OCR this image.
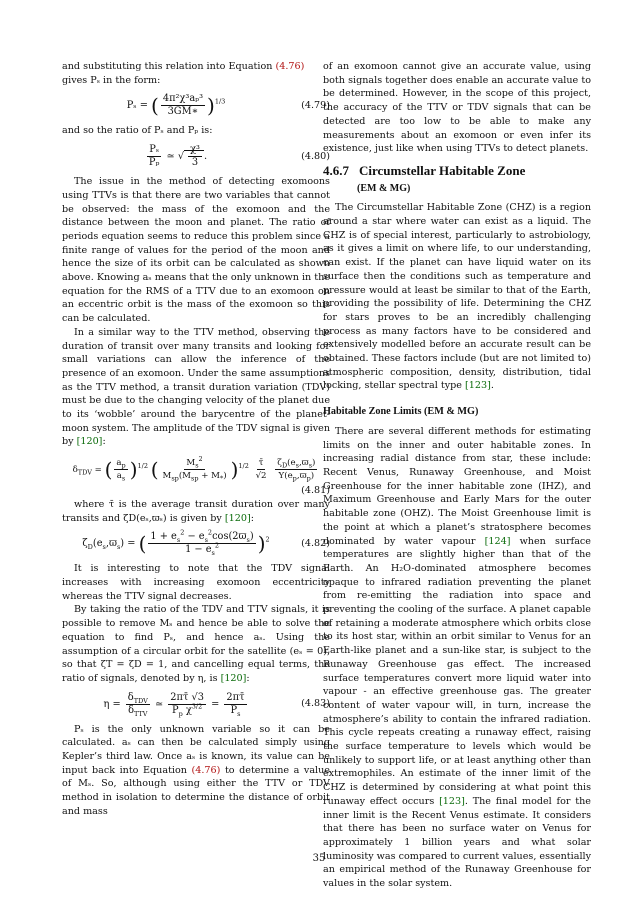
and substituting this relation into Equation (4.76)
gives Pₛ in the form:

Pₛ = ( $\frac{\text{4π²χ³aₚ³}}{3GM∗} )^{1/3}$	(4.79)

and so the ratio of Pₛ and Pₚ is:

$\frac{\text{Pₛ}}{\text{Pₚ}}$ ≃ √ $\frac{\text{χ³}}{3}$ .	(4.80)

The issue in the method of detecting exomoons using TTVs is that there are two variables that cannot be observed: the mass of the exomoon and the distance between the moon and planet. The ratio of periods equation seems to reduce this problem since a finite range of values for the period of the moon and hence the size of its orbit can be calculated as shown above. Knowing aₛ means that the only unknown in the equation for the RMS of a TTV due to an exomoon on an eccentric orbit is the mass of the exomoon so this can be calculated.

In a similar way to the TTV method, observing the duration of transit over many transits and looking for small variations can allow the inference of the presence of an exomoon. Under the same assumptions as the TTV method, a transit duration variation (TDV) must be due to the changing velocity of the planet due to its ‘wobble’ around the barycentre of the planet-moon system. The amplitude of the TDV signal is given by [120]:

$\delta_{TDV}$ = ( $\frac{a_p}{a_s} )^{1/2}$ ( $\frac{M_s^2}{M_{sp}(M_{sp} + M_*)} )^{1/2} \frac{\taū}{√2}$
$\frac{\zeta_D(e_s,ϖ_s)}{\Upsilon(e_p,ϖ_p)}$
(4.81)

where τ̄ is the average transit duration over many transits and ζD(eₛ,ϖₛ) is given by [120]:

$\zeta_D(e_s,ϖ_s)$ = ( $\frac{1 + e_s^2 - e_s^2\cos(2ϖ_s)}{1 - e_s^2} )^2$	(4.82)

It is interesting to note that the TDV signal increases with increasing exomoon eccentricity whereas the TTV signal decreases.

By taking the ratio of the TDV and TTV signals, it is possible to remove Mₛ and hence be able to solve the equation to find Pₛ, and hence aₛ. Using the assumption of a circular orbit for the satellite (eₛ = 0), so that ζT = ζD = 1, and cancelling equal terms, the ratio of signals, denoted by η, is [120]:

$\eta = \frac{\delta_{TDV}}{\delta_{TTV}}$ ≃ $\frac{2\pi\taū √3}{P_p \chi^{3/2}} = \frac{2\pi\taū}{P_s}$	(4.83)

Pₛ is the only unknown variable so it can be calculated. aₛ can then be calculated simply using Kepler’s third law. Once aₛ is known, its value can be input back into Equation (4.76) to determine a value of Mₛ. So, although using either the TTV or TDV method in isolation to determine the distance of orbit and mass

of an exomoon cannot give an accurate value, using both signals together does enable an accurate value to be determined. However, in the scope of this project, the accuracy of the TTV or TDV signals that can be detected are too low to be able to make any measurements about an exomoon or even infer its existence, just like when using TTVs to detect planets.

4.6.7 Circumstellar Habitable Zone
(EM & MG)

The Circumstellar Habitable Zone (CHZ) is a region around a star where water can exist as a liquid. The CHZ is of special interest, particularly to astrobiology, as it gives a limit on where life, to our understanding, can exist. If the planet can have liquid water on its surface then the conditions such as temperature and pressure would at least be similar to that of the Earth, providing the possibility of life. Determining the CHZ for stars proves to be an incredibly challenging process as many factors have to be considered and extensively modelled before an accurate result can be obtained. These factors include (but are not limited to) atmospheric composition, density, distribution, tidal locking, stellar spectral type [123].

Habitable Zone Limits (EM & MG)

There are several different methods for estimating limits on the inner and outer habitable zones. In increasing radial distance from star, these include: Recent Venus, Runaway Greenhouse, and Moist Greenhouse for the inner habitable zone (IHZ), and Maximum Greenhouse and Early Mars for the outer habitable zone (OHZ). The Moist Greenhouse limit is the point at which a planet’s stratosphere becomes dominated by water vapour [124] when surface temperatures are slightly higher than that of the Earth. An H₂O-dominated atmosphere becomes opaque to infrared radiation preventing the planet from re-emitting the radiation into space and preventing the cooling of the surface. A planet capable of retaining a moderate atmosphere which orbits close to its host star, within an orbit similar to Venus for an Earth-like planet and a sun-like star, is subject to the Runaway Greenhouse gas effect. The increased surface temperatures convert more liquid water into vapour - an effective greenhouse gas. The greater content of water vapour will, in turn, increase the atmosphere’s ability to contain the infrared radiation. This cycle repeats creating a runaway effect, raising the surface temperature to levels which would be unlikely to support life, or at least anything other than extremophiles. An estimate of the inner limit of the CHZ is determined by considering at what point this runaway effect occurs [123]. The final model for the inner limit is the Recent Venus estimate. It considers that there has been no surface water on Venus for approximately 1 billion years and what solar luminosity was compared to current values, essentially an empirical method of the Runaway Greenhouse for values in the solar system.

35
